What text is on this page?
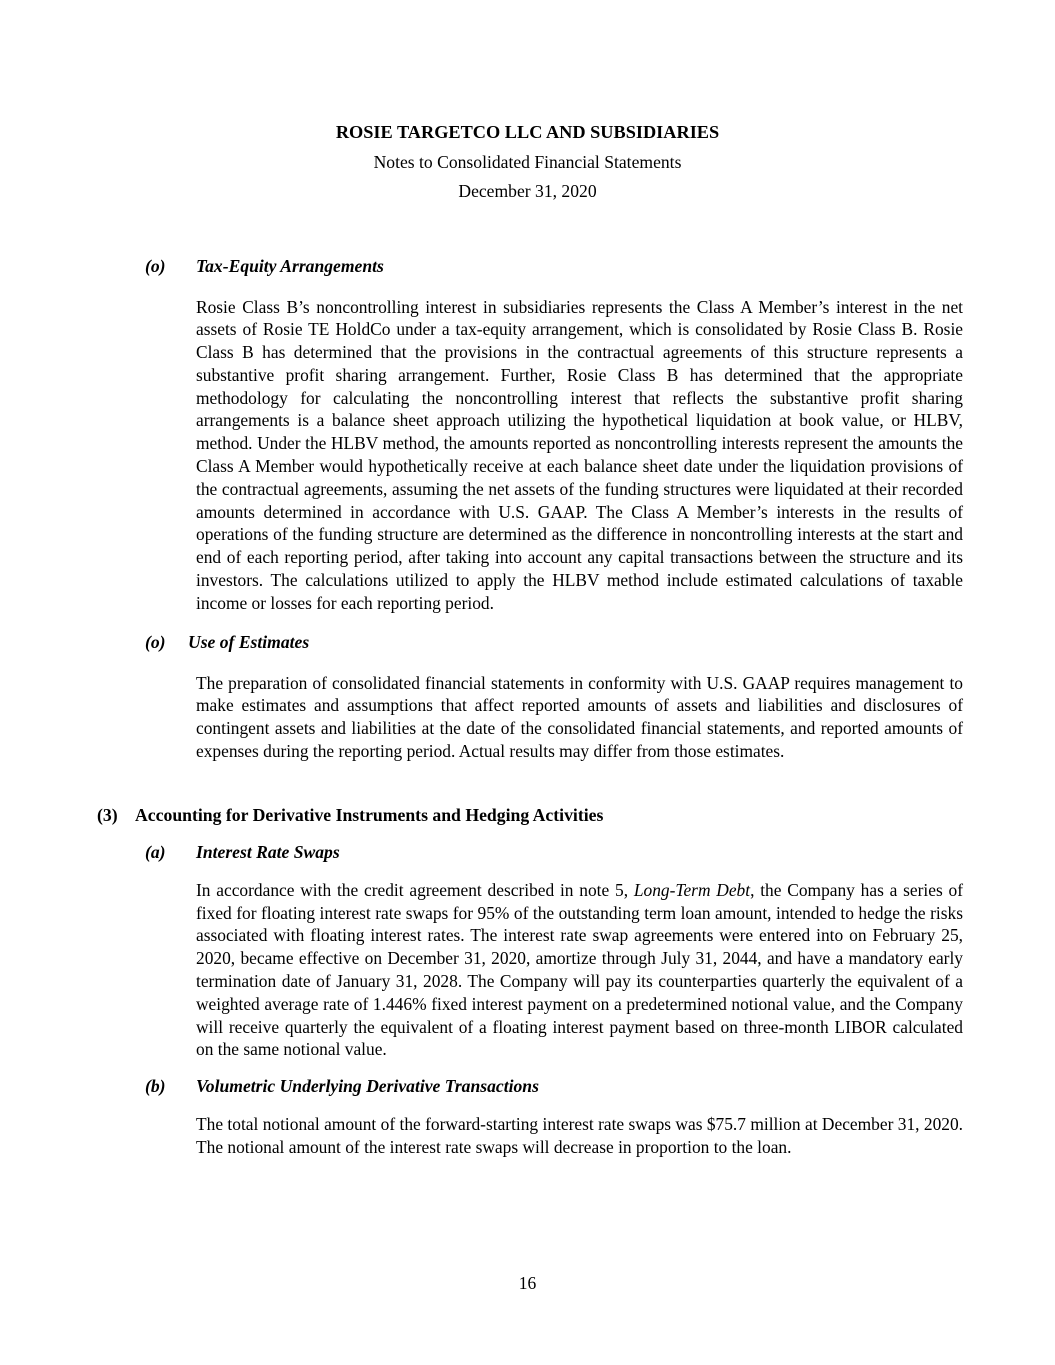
ROSIE TARGETCO LLC AND SUBSIDIARIES
Notes to Consolidated Financial Statements
December 31, 2020
(o)	Tax-Equity Arrangements

Rosie Class B’s noncontrolling interest in subsidiaries represents the Class A Member’s interest in the net assets of Rosie TE HoldCo under a tax-equity arrangement, which is consolidated by Rosie Class B. Rosie Class B has determined that the provisions in the contractual agreements of this structure represents a substantive profit sharing arrangement. Further, Rosie Class B has determined that the appropriate methodology for calculating the noncontrolling interest that reflects the substantive profit sharing arrangements is a balance sheet approach utilizing the hypothetical liquidation at book value, or HLBV, method. Under the HLBV method, the amounts reported as noncontrolling interests represent the amounts the Class A Member would hypothetically receive at each balance sheet date under the liquidation provisions of the contractual agreements, assuming the net assets of the funding structures were liquidated at their recorded amounts determined in accordance with U.S. GAAP. The Class A Member’s interests in the results of operations of the funding structure are determined as the difference in noncontrolling interests at the start and end of each reporting period, after taking into account any capital transactions between the structure and its investors. The calculations utilized to apply the HLBV method include estimated calculations of taxable income or losses for each reporting period.

(o)	Use of Estimates

The preparation of consolidated financial statements in conformity with U.S. GAAP requires management to make estimates and assumptions that affect reported amounts of assets and liabilities and disclosures of contingent assets and liabilities at the date of the consolidated financial statements, and reported amounts of expenses during the reporting period. Actual results may differ from those estimates.

(3) Accounting for Derivative Instruments and Hedging Activities
(a)	Interest Rate Swaps

In accordance with the credit agreement described in note 5, Long-Term Debt, the Company has a series of fixed for floating interest rate swaps for 95% of the outstanding term loan amount, intended to hedge the risks associated with floating interest rates. The interest rate swap agreements were entered into on February 25, 2020, became effective on December 31, 2020, amortize through July 31, 2044, and have a mandatory early termination date of January 31, 2028. The Company will pay its counterparties quarterly the equivalent of a weighted average rate of 1.446% fixed interest payment on a predetermined notional value, and the Company will receive quarterly the equivalent of a floating interest payment based on three-month LIBOR calculated on the same notional value.

(b)	Volumetric Underlying Derivative Transactions

The total notional amount of the forward-starting interest rate swaps was $75.7 million at December 31, 2020. The notional amount of the interest rate swaps will decrease in proportion to the loan.

16
